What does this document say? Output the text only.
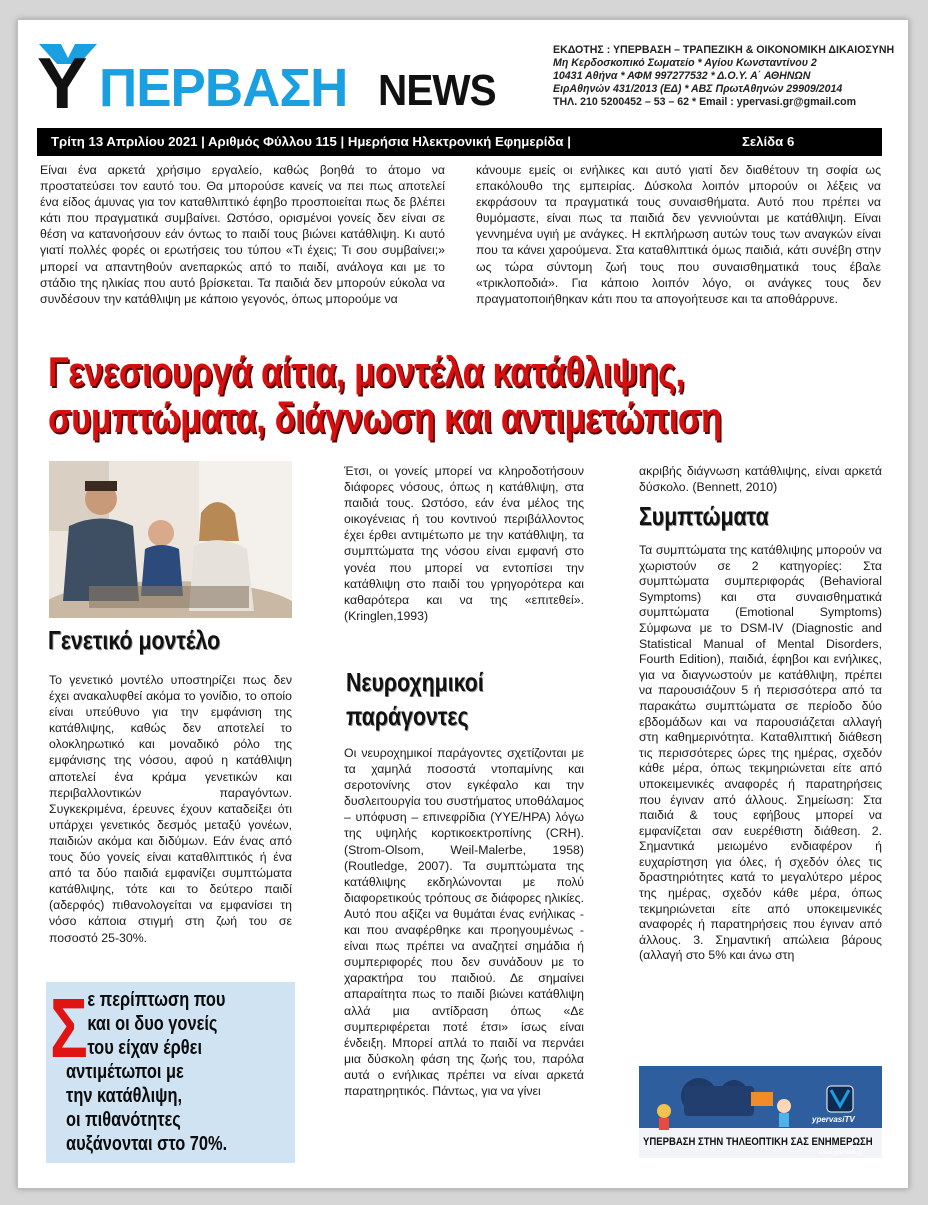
Y ΠΕΡΒΑΣΗ NEWS
ΕΚΔΟΤΗΣ : ΥΠΕΡΒΑΣΗ – ΤΡΑΠΕΖΙΚΗ & ΟΙΚΟΝΟΜΙΚΗ ΔΙΚΑΙΟΣΥΝΗ
Μη Κερδοσκοπικό Σωματείο * Αγίου Κωνσταντίνου 2
10431 Αθήνα * ΑΦΜ 997277532 * Δ.Ο.Υ. Α΄ ΑΘΗΝΩΝ
ΕιρΑθηνών 431/2013 (ΕΔ) * ΑΒΣ ΠρωτΑθηνών 29909/2014
ΤΗΛ. 210 5200452 – 53 – 62 * Email : ypervasi.gr@gmail.com
Τρίτη 13 Απριλίου 2021 | Αριθμός Φύλλου 115 | Ημερήσια Ηλεκτρονική Εφημερίδα |	Σελίδα 6
Είναι ένα αρκετά χρήσιμο εργαλείο, καθώς βοηθά το άτομο να προστατεύσει τον εαυτό του. Θα μπορούσε κανείς να πει πως αποτελεί ένα είδος άμυνας για τον καταθλιπτικό έφηβο προσποιείται πως δε βλέπει κάτι που πραγματικά συμβαίνει. Ωστόσο, ορισμένοι γονείς δεν είναι σε θέση να κατανοήσουν εάν όντως το παιδί τους βιώνει κατάθλιψη. Κι αυτό γιατί πολλές φορές οι ερωτήσεις του τύπου «Τι έχεις; Τι σου συμβαίνει;» μπορεί να απαντηθούν ανεπαρκώς από το παιδί, ανάλογα και με το στάδιο της ηλικίας που αυτό βρίσκεται. Τα παιδιά δεν μπορούν εύκολα να συνδέσουν την κατάθλιψη με κάποιο γεγονός, όπως μπορούμε να
κάνουμε εμείς οι ενήλικες και αυτό γιατί δεν διαθέτουν τη σοφία ως επακόλουθο της εμπειρίας. Δύσκολα λοιπόν μπορούν οι λέξεις να εκφράσουν τα πραγματικά τους συναισθήματα. Αυτό που πρέπει να θυμόμαστε, είναι πως τα παιδιά δεν γεννιούνται με κατάθλιψη. Είναι γεννημένα υγιή με ανάγκες. Η εκπλήρωση αυτών τους των αναγκών είναι που τα κάνει χαρούμενα. Στα καταθλιπτικά όμως παιδιά, κάτι συνέβη στην ως τώρα σύντομη ζωή τους που συναισθηματικά τους έβαλε «τρικλοποδιά». Για κάποιο λοιπόν λόγο, οι ανάγκες τους δεν πραγματοποιήθηκαν κάτι που τα απογοήτευσε και τα αποθάρρυνε.
Γενεσιουργά αίτια, μοντέλα κατάθλιψης,
συμπτώματα, διάγνωση και αντιμετώπιση
Γενετικό μοντέλο
Το γενετικό μοντέλο υποστηρίζει πως δεν έχει ανακαλυφθεί ακόμα το γονίδιο, το οποίο είναι υπεύθυνο για την εμφάνιση της κατάθλιψης, καθώς δεν αποτελεί το ολοκληρωτικό και μοναδικό ρόλο της εμφάνισης της νόσου, αφού η κατάθλιψη αποτελεί ένα κράμα γενετικών και περιβαλλοντικών παραγόντων. Συγκεκριμένα, έρευνες έχουν καταδείξει ότι υπάρχει γενετικός δεσμός μεταξύ γονέων, παιδιών ακόμα και διδύμων. Εάν ένας από τους δύο γονείς είναι καταθλιπτικός ή ένα από τα δύο παιδιά εμφανίζει συμπτώματα κατάθλιψης, τότε και το δεύτερο παιδί (αδερφός) πιθανολογείται να εμφανίσει τη νόσο κάποια στιγμή στη ζωή του σε ποσοστό 25-30%.
Σ ε περίπτωση που
και οι δυο γονείς
του είχαν έρθει
αντιμέτωποι με
την κατάθλιψη,
οι πιθανότητες
αυξάνονται στο 70%.
Έτσι, οι γονείς μπορεί να κληροδοτήσουν διάφορες νόσους, όπως η κατάθλιψη, στα παιδιά τους. Ωστόσο, εάν ένα μέλος της οικογένειας ή του κοντινού περιβάλλοντος έχει έρθει αντιμέτωπο με την κατάθλιψη, τα συμπτώματα της νόσου είναι εμφανή στο γονέα που μπορεί να εντοπίσει την κατάθλιψη στο παιδί του γρηγορότερα και καθαρότερα και να της «επιτεθεί». (Kringlen,1993)
Νευροχημικοί
παράγοντες
Οι νευροχημικοί παράγοντες σχετίζονται με τα χαμηλά ποσοστά ντοπαμίνης και σεροτονίνης στον εγκέφαλο και την δυσλειτουργία του συστήματος υποθάλαμος – υπόφυση – επινεφρίδια (ΥΥΕ/HPA) λόγω της υψηλής κορτικοεκτροπίνης (CRH). (Strom-Olsom, Weil-Malerbe, 1958) (Routledge, 2007). Τα συμπτώματα της κατάθλιψης εκδηλώνονται με πολύ διαφορετικούς τρόπους σε διάφορες ηλικίες. Αυτό που αξίζει να θυμάται ένας ενήλικας - και που αναφέρθηκε και προηγουμένως - είναι πως πρέπει να αναζητεί σημάδια ή συμπεριφορές που δεν συνάδουν με το χαρακτήρα του παιδιού. Δε σημαίνει απαραίτητα πως το παιδί βιώνει κατάθλιψη αλλά μια αντίδραση όπως «Δε συμπεριφέρεται ποτέ έτσι» ίσως είναι ένδειξη. Μπορεί απλά το παιδί να περνάει μια δύσκολη φάση της ζωής του, παρόλα αυτά ο ενήλικας πρέπει να είναι αρκετά παρατηρητικός. Πάντως, για να γίνει
ακριβής διάγνωση κατάθλιψης, είναι αρκετά δύσκολο. (Bennett, 2010)
Συμπτώματα
Τα συμπτώματα της κατάθλιψης μπορούν να χωριστούν σε 2 κατηγορίες: Στα συμπτώματα συμπεριφοράς (Behavioral Symptoms) και στα συναισθηματικά συμπτώματα (Emotional Symptoms) Σύμφωνα με το DSM-IV (Diagnostic and Statistical Manual of Mental Disorders, Fourth Edition), παιδιά, έφηβοι και ενήλικες, για να διαγνωστούν με κατάθλιψη, πρέπει να παρουσιάζουν 5 ή περισσότερα από τα παρακάτω συμπτώματα σε περίοδο δύο εβδομάδων και να παρουσιάζεται αλλαγή στη καθημερινότητα. Καταθλιπτική διάθεση τις περισσότερες ώρες της ημέρας, σχεδόν κάθε μέρα, όπως τεκμηριώνεται είτε από υποκειμενικές αναφορές ή παρατηρήσεις που έγιναν από άλλους. Σημείωση: Στα παιδιά & τους εφήβους μπορεί να εμφανίζεται σαν ευερέθιστη διάθεση. 2. Σημαντικά μειωμένο ενδιαφέρον ή ευχαρίστηση για όλες, ή σχεδόν όλες τις δραστηριότητες κατά το μεγαλύτερο μέρος της ημέρας, σχεδόν κάθε μέρα, όπως τεκμηριώνεται είτε από υποκειμενικές αναφορές ή παρατηρήσεις που έγιναν από άλλους. 3. Σημαντική απώλεια βάρους (αλλαγή στο 5% και άνω στη
ypervasiTV
ΥΠΕΡΒΑΣΗ ΣΤΗΝ ΤΗΛΕΟΠΤΙΚΗ ΣΑΣ ΕΝΗΜΕΡΩΣΗ
www.ypervasi.gr
